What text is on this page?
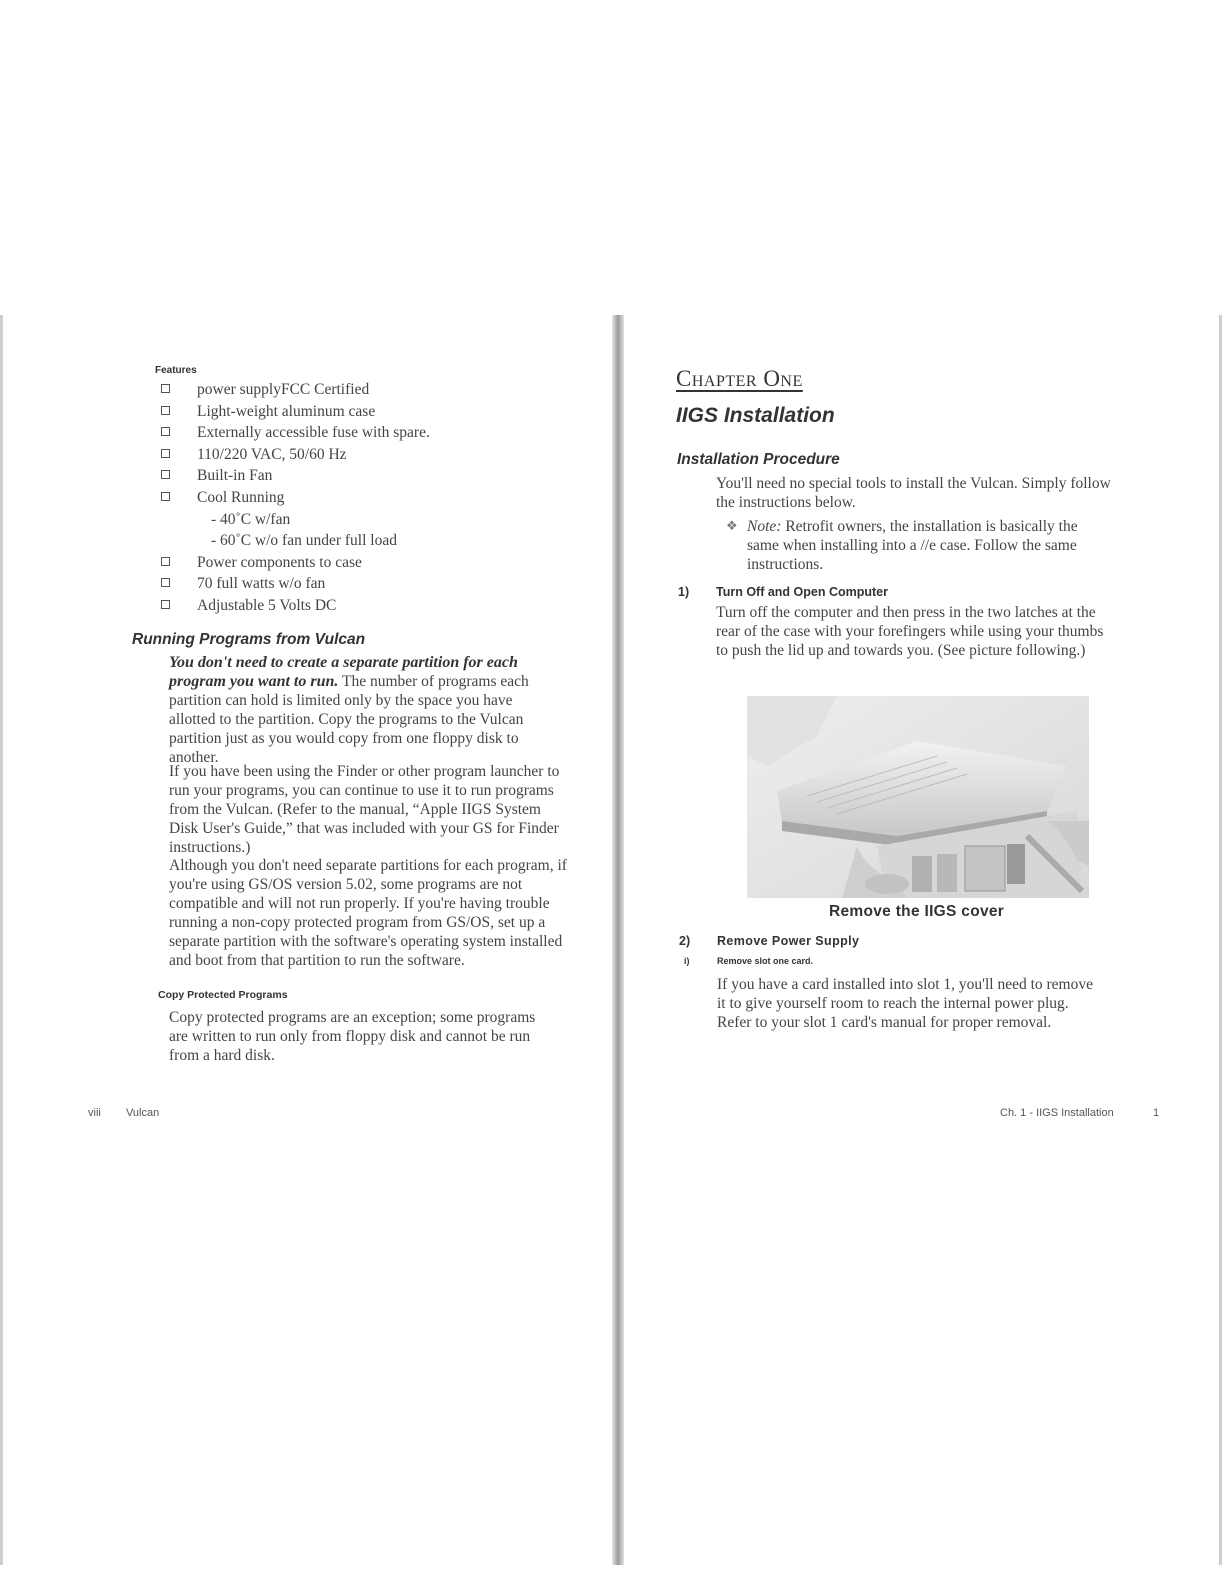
Features
power supplyFCC Certified
Light-weight aluminum case
Externally accessible fuse with spare.
110/220 VAC, 50/60 Hz
Built-in Fan
Cool Running
- 40˚C w/fan
- 60˚C w/o fan under full load
Power components to case
70 full watts w/o fan
Adjustable 5 Volts DC
Running Programs from Vulcan

You don't need to create a separate partition for each program you want to run. The number of programs each partition can hold is limited only by the space you have allotted to the partition. Copy the programs to the Vulcan partition just as you would copy from one floppy disk to another.

If you have been using the Finder or other program launcher to run your programs, you can continue to use it to run programs from the Vulcan. (Refer to the manual, “Apple IIGS System Disk User's Guide,” that was included with your GS for Finder instructions.)

Although you don't need separate partitions for each program, if you're using GS/OS version 5.02, some programs are not compatible and will not run properly. If you're having trouble running a non-copy protected program from GS/OS, set up a separate partition with the software's operating system installed and boot from that partition to run the software.

Copy Protected Programs

Copy protected programs are an exception; some programs are written to run only from floppy disk and cannot be run from a hard disk.

viii Vulcan
Chapter One
IIGS Installation
Installation Procedure

You'll need no special tools to install the Vulcan. Simply follow the instructions below.

❖ Note: Retrofit owners, the installation is basically the same when installing into a //e case. Follow the same instructions.

1) Turn Off and Open Computer

Turn off the computer and then press in the two latches at the rear of the case with your forefingers while using your thumbs to push the lid up and towards you. (See picture following.)

Remove the IIGS cover
2) Remove Power Supply
i)	Remove slot one card.

If you have a card installed into slot 1, you'll need to remove it to give yourself room to reach the internal power plug. Refer to your slot 1 card's manual for proper removal.

Ch. 1 - IIGS Installation	1
